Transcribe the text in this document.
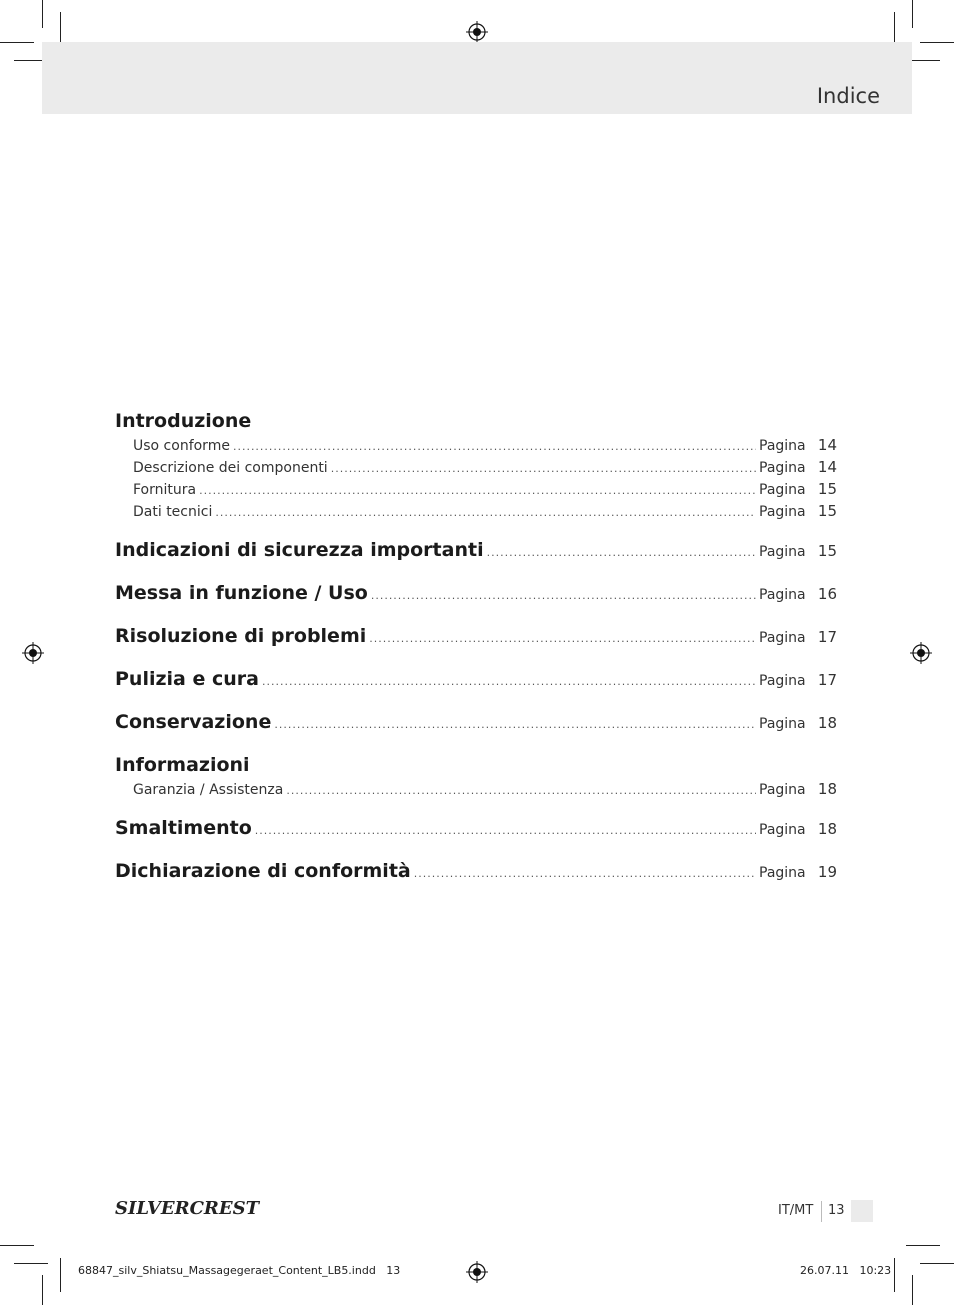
Indice
Introduzione
Uso conforme .....	Pagina 14
Descrizione dei componenti .....	Pagina 14
Fornitura .....	Pagina 15
Dati tecnici .....	Pagina 15
Indicazioni di sicurezza importanti .....	Pagina 15
Messa in funzione / Uso .....	Pagina 16
Risoluzione di problemi .....	Pagina 17
Pulizia e cura .....	Pagina 17
Conservazione .....	Pagina 18
Informazioni
Garanzia / Assistenza .....	Pagina 18
Smaltimento .....	Pagina 18
Dichiarazione di conformità .....	Pagina 19
SILVERCREST	IT/MT 13
68847_silv_Shiatsu_Massagegeraet_Content_LB5.indd   13	26.07.11   10:23
